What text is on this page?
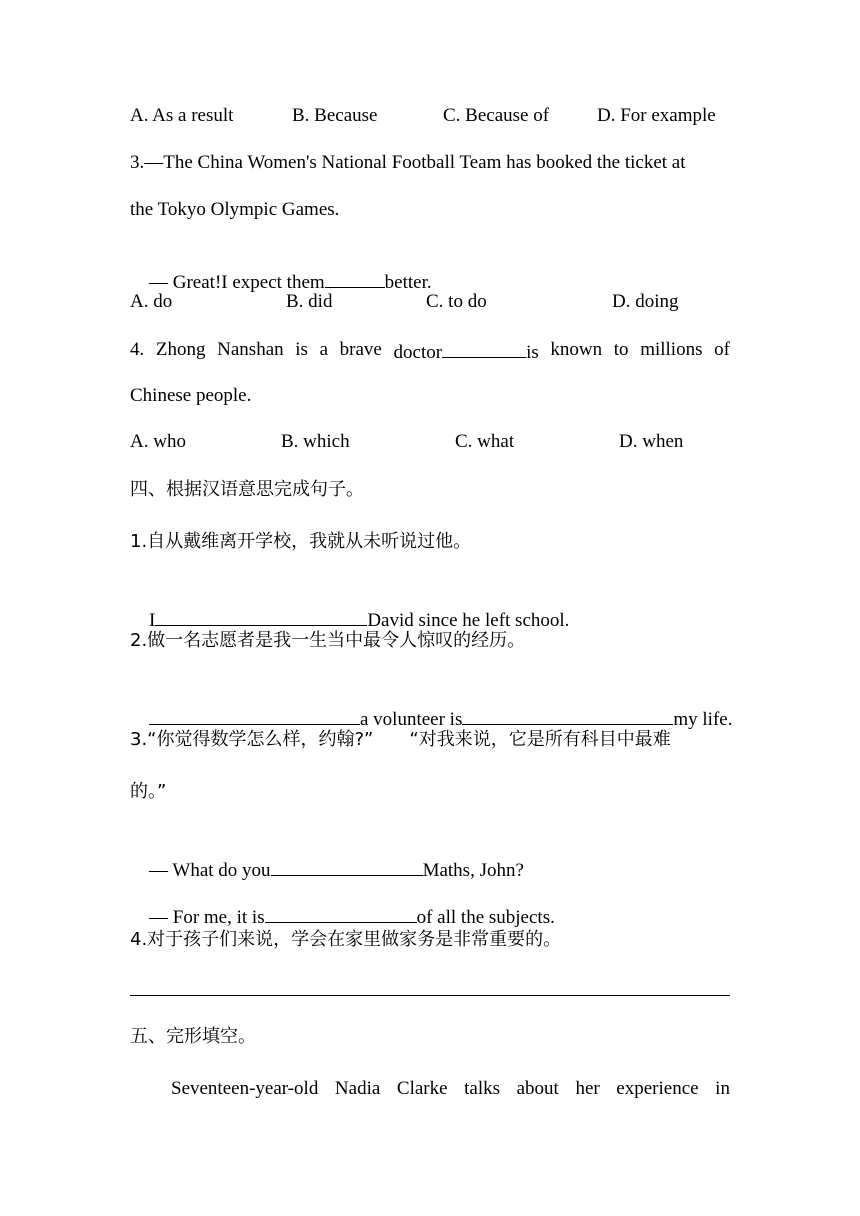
A. As a result	B. Because	C. Because of	D. For example
3.—The China Women's National Football Team has booked the ticket at
the Tokyo Olympic Games.

— Great!I expect them	better.

A. do	B. did	C. to do	D. doing
4. Zhong Nanshan is a brave doctor	is known to millions of
Chinese people.
A. who	B. which	C. what	D. when
四、根据汉语意思完成句子。
1.自从戴维离开学校，我就从未听说过他。

I	David since he left school.

2.做一名志愿者是我一生当中最令人惊叹的经历。

a volunteer is	my life.

3.“你觉得数学怎么样，约翰?”　　“对我来说，它是所有科目中最难
的。”

— What do you	Maths, John?

— For me, it is	of all the subjects.

4.对于孩子们来说，学会在家里做家务是非常重要的。
五、完形填空。
Seventeen-year-old Nadia Clarke talks about her experience in
